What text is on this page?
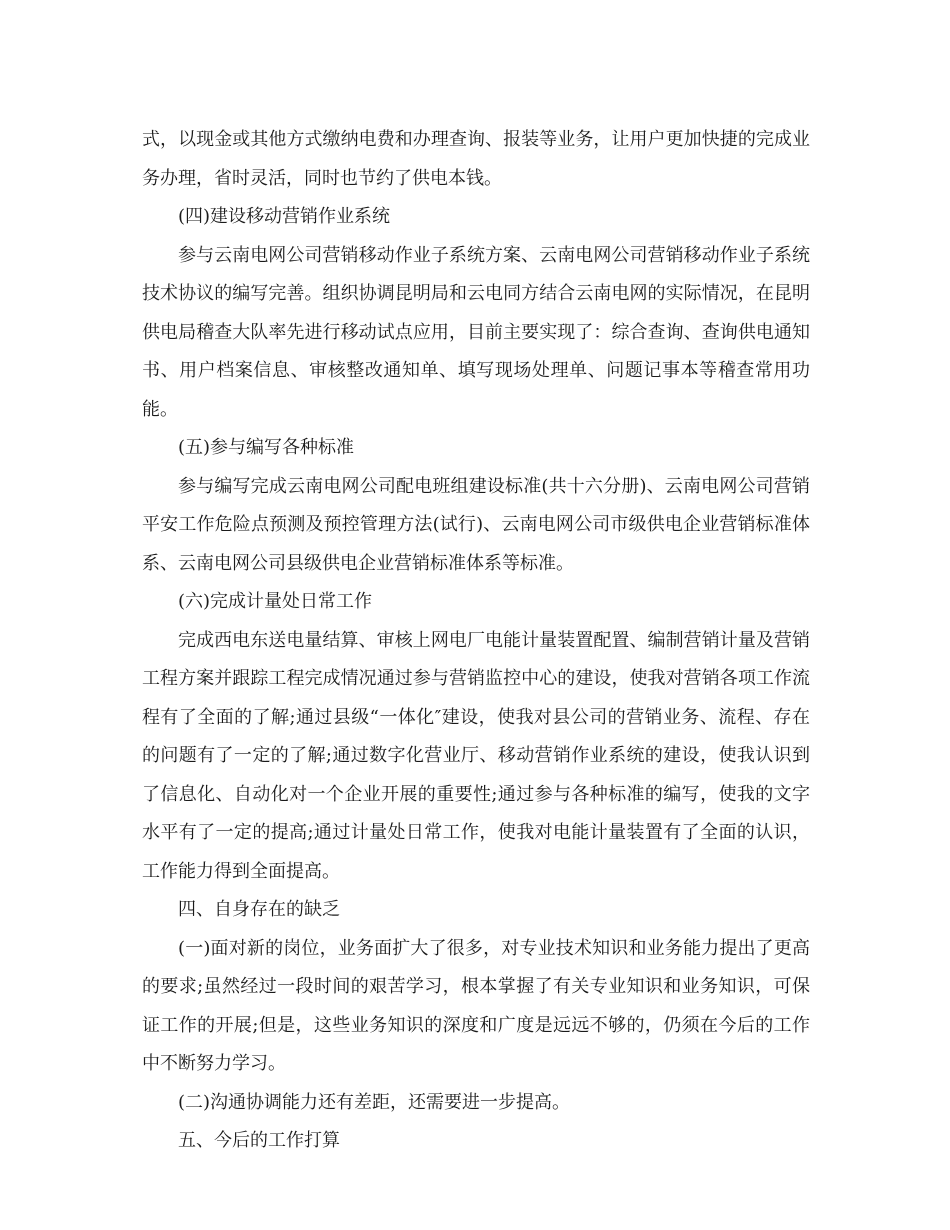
式，以现金或其他方式缴纳电费和办理查询、报装等业务，让用户更加快捷的完成业务办理，省时灵活，同时也节约了供电本钱。

(四)建设移动营销作业系统

参与云南电网公司营销移动作业子系统方案、云南电网公司营销移动作业子系统技术协议的编写完善。组织协调昆明局和云电同方结合云南电网的实际情况，在昆明供电局稽查大队率先进行移动试点应用，目前主要实现了：综合查询、查询供电通知书、用户档案信息、审核整改通知单、填写现场处理单、问题记事本等稽查常用功能。

(五)参与编写各种标准

参与编写完成云南电网公司配电班组建设标准(共十六分册)、云南电网公司营销平安工作危险点预测及预控管理方法(试行)、云南电网公司市级供电企业营销标准体系、云南电网公司县级供电企业营销标准体系等标准。

(六)完成计量处日常工作

完成西电东送电量结算、审核上网电厂电能计量装置配置、编制营销计量及营销工程方案并跟踪工程完成情况通过参与营销监控中心的建设，使我对营销各项工作流程有了全面的了解;通过县级“一体化″建设，使我对县公司的营销业务、流程、存在的问题有了一定的了解;通过数字化营业厅、移动营销作业系统的建设，使我认识到了信息化、自动化对一个企业开展的重要性;通过参与各种标准的编写，使我的文字水平有了一定的提高;通过计量处日常工作，使我对电能计量装置有了全面的认识，工作能力得到全面提高。

四、自身存在的缺乏

(一)面对新的岗位，业务面扩大了很多，对专业技术知识和业务能力提出了更高的要求;虽然经过一段时间的艰苦学习，根本掌握了有关专业知识和业务知识，可保证工作的开展;但是，这些业务知识的深度和广度是远远不够的，仍须在今后的工作中不断努力学习。

(二)沟通协调能力还有差距，还需要进一步提高。

五、今后的工作打算
